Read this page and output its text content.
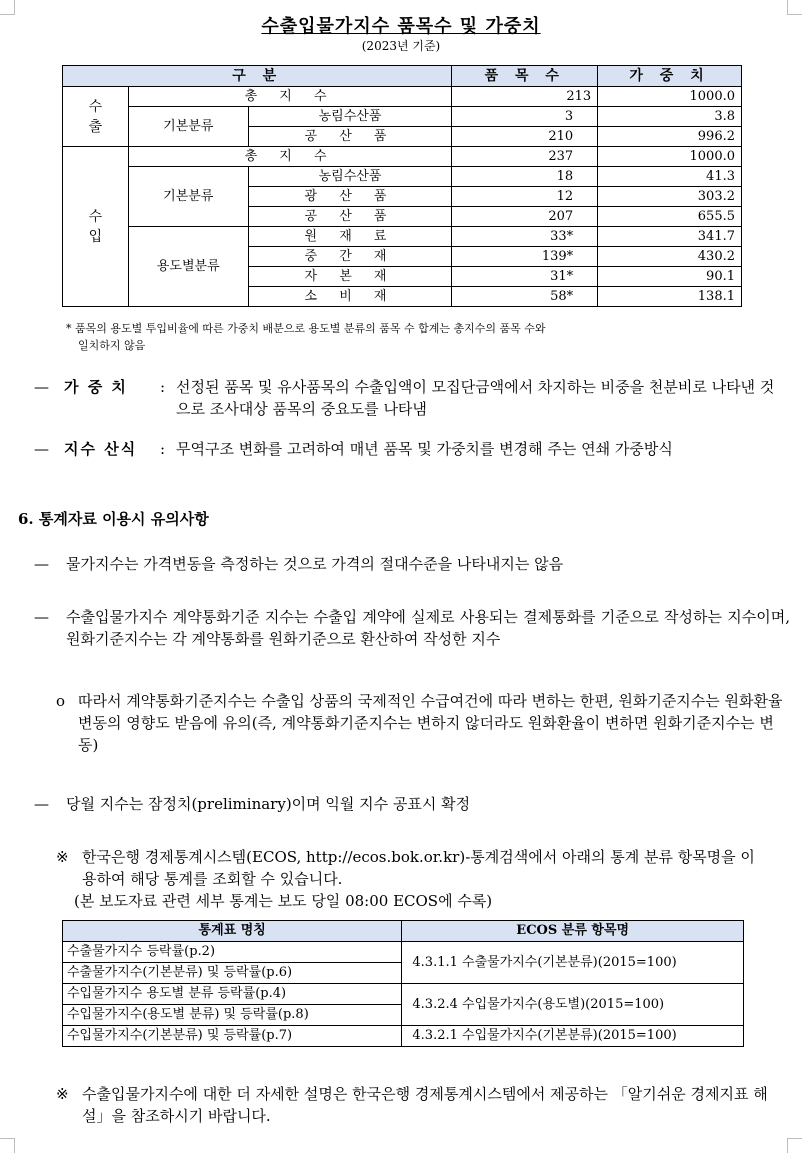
수출입물가지수 품목수 및 가중치
(2023년 기준)
구 분			품 목 수	가 중 치
수
출	총 지 수		213	1000.0
	기본분류	농림수산품	3	3.8
		공 산 품	210	996.2
수
입	총 지 수		237	1000.0
	기본분류	농림수산품	18	41.3
		광 산 품	12	303.2
		공 산 품	207	655.5
	용도별분류	원 재 료	33*	341.7
		중 간 재	139*	430.2
		자 본 재	31*	90.1
		소 비 재	58*	138.1
* 품목의 용도별 투입비율에 따른 가중치 배분으로 용도별 분류의 품목 수 합계는 총지수의 품목 수와
일치하지 않음
— 가 중 치 : 선정된 품목 및 유사품목의 수출입액이 모집단금액에서 차지하는 비중을 천분비로 나타낸 것으로 조사대상 품목의 중요도를 나타냄
— 지수 산식 : 무역구조 변화를 고려하여 매년 품목 및 가중치를 변경해 주는 연쇄 가중방식
6. 통계자료 이용시 유의사항
— 물가지수는 가격변동을 측정하는 것으로 가격의 절대수준을 나타내지는 않음
— 수출입물가지수 계약통화기준 지수는 수출입 계약에 실제로 사용되는 결제통화를 기준으로 작성하는 지수이며, 원화기준지수는 각 계약통화를 원화기준으로 환산하여 작성한 지수
o 따라서 계약통화기준지수는 수출입 상품의 국제적인 수급여건에 따라 변하는 한편, 원화기준지수는 원화환율 변동의 영향도 받음에 유의(즉, 계약통화기준지수는 변하지 않더라도 원화환율이 변하면 원화기준지수는 변동)
— 당월 지수는 잠정치(preliminary)이며 익월 지수 공표시 확정
※ 한국은행 경제통계시스템(ECOS, http://ecos.bok.or.kr)-통계검색에서 아래의 통계 분류 항목명을 이용하여 해당 통계를 조회할 수 있습니다.
(본 보도자료 관련 세부 통계는 보도 당일 08:00 ECOS에 수록)
통계표 명칭	ECOS 분류 항목명
수출물가지수 등락률(p.2)	4.3.1.1 수출물가지수(기본분류)(2015=100)
수출물가지수(기본분류) 및 등락률(p.6)	
수입물가지수 용도별 분류 등락률(p.4)	4.3.2.4 수입물가지수(용도별)(2015=100)
수입물가지수(용도별 분류) 및 등락률(p.8)	
수입물가지수(기본분류) 및 등락률(p.7)	4.3.2.1 수입물가지수(기본분류)(2015=100)
※ 수출입물가지수에 대한 더 자세한 설명은 한국은행 경제통계시스템에서 제공하는 「알기쉬운 경제지표 해설」을 참조하시기 바랍니다.
